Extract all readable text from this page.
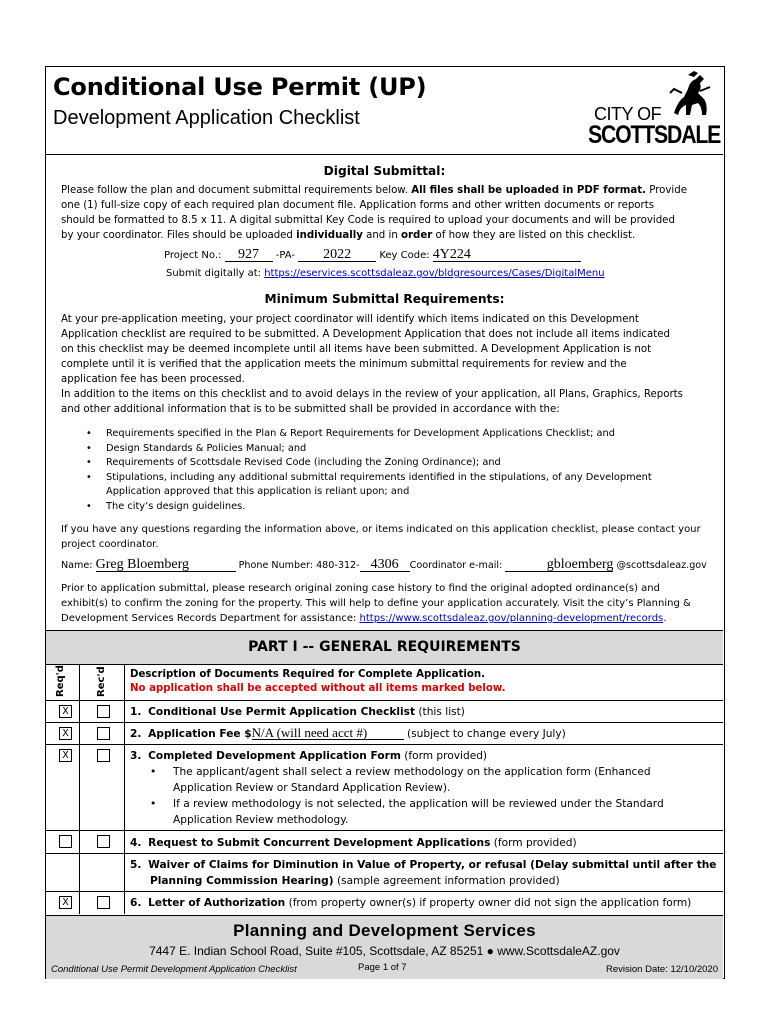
Conditional Use Permit (UP)
Development Application Checklist	CITY OF
SCOTTSDALE
Digital Submittal:
Please follow the plan and document submittal requirements below. All files shall be uploaded in PDF format. Provide
one (1) full-size copy of each required plan document file. Application forms and other written documents or reports
should be formatted to 8.5 x 11. A digital submittal Key Code is required to upload your documents and will be provided
by your coordinator. Files should be uploaded individually and in order of how they are listed on this checklist.
Project No.: 927 -PA- 2022	Key Code: 4Y224
Submit digitally at: https://eservices.scottsdaleaz.gov/bldgresources/Cases/DigitalMenu
Minimum Submittal Requirements:
At your pre-application meeting, your project coordinator will identify which items indicated on this Development
Application checklist are required to be submitted. A Development Application that does not include all items indicated
on this checklist may be deemed incomplete until all items have been submitted. A Development Application is not
complete until it is verified that the application meets the minimum submittal requirements for review and the
application fee has been processed.
In addition to the items on this checklist and to avoid delays in the review of your application, all Plans, Graphics, Reports
and other additional information that is to be submitted shall be provided in accordance with the:
• Requirements specified in the Plan & Report Requirements for Development Applications Checklist; and
• Design Standards & Policies Manual; and
• Requirements of Scottsdale Revised Code (including the Zoning Ordinance); and
• Stipulations, including any additional submittal requirements identified in the stipulations, of any Development
Application approved that this application is reliant upon; and
• The city’s design guidelines.
If you have any questions regarding the information above, or items indicated on this application checklist, please contact your
project coordinator.
Name: Greg Bloemberg	Phone Number: 480-312- 4306 Coordinator e-mail:	gbloemberg @scottsdaleaz.gov
Prior to application submittal, please research original zoning case history to find the original adopted ordinance(s) and
exhibit(s) to confirm the zoning for the property. This will help to define your application accurately. Visit the city’s Planning &
Development Services Records Department for assistance: https://www.scottsdaleaz.gov/planning-development/records.
PART I -- GENERAL REQUIREMENTS
Req'd	Rec'd Description of Documents Required for Complete Application.
No application shall be accepted without all items marked below.
X	1. Conditional Use Permit Application Checklist (this list)
X	2. Application Fee $N/A (will need acct #)	(subject to change every July)
X	3. Completed Development Application Form (form provided)
• The applicant/agent shall select a review methodology on the application form (Enhanced
Application Review or Standard Application Review).
• If a review methodology is not selected, the application will be reviewed under the Standard
Application Review methodology.
4. Request to Submit Concurrent Development Applications (form provided)
5. Waiver of Claims for Diminution in Value of Property, or refusal (Delay submittal until after the
Planning Commission Hearing) (sample agreement information provided)
X	6. Letter of Authorization (from property owner(s) if property owner did not sign the application form)
Planning and Development Services
7447 E. Indian School Road, Suite #105, Scottsdale, AZ 85251 ● www.ScottsdaleAZ.gov
Conditional Use Permit Development Application Checklist	Page 1 of 7	Revision Date: 12/10/2020
